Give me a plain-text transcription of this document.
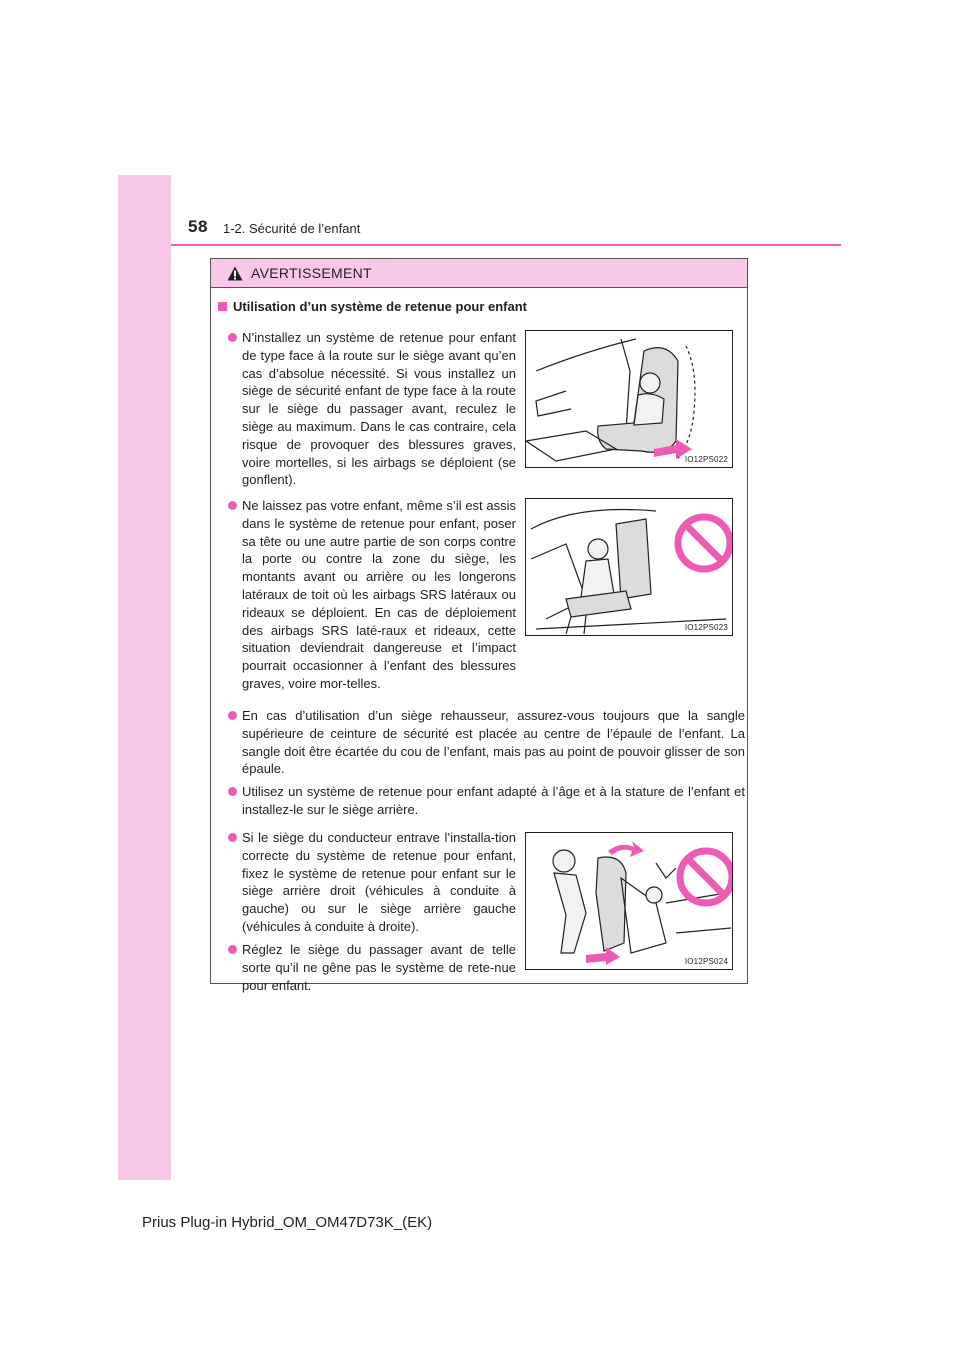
58 1-2. Sécurité de l’enfant
AVERTISSEMENT
Utilisation d’un système de retenue pour enfant
N’installez un système de retenue pour enfant de type face à la route sur le siège avant qu’en cas d’absolue nécessité. Si vous installez un siège de sécurité enfant de type face à la route sur le siège du passager avant, reculez le siège au maximum. Dans le cas contraire, cela risque de provoquer des blessures graves, voire mortelles, si les airbags se déploient (se gonflent).
Ne laissez pas votre enfant, même s’il est assis dans le système de retenue pour enfant, poser sa tête ou une autre partie de son corps contre la porte ou contre la zone du siège, les montants avant ou arrière ou les longerons latéraux de toit où les airbags SRS latéraux ou rideaux se déploient. En cas de déploiement des airbags SRS laté-raux et rideaux, cette situation deviendrait dangereuse et l’impact pourrait occasionner à l’enfant des blessures graves, voire mor-telles.
En cas d’utilisation d’un siège rehausseur, assurez-vous toujours que la sangle supérieure de ceinture de sécurité est placée au centre de l’épaule de l’enfant. La sangle doit être écartée du cou de l’enfant, mais pas au point de pouvoir glisser de son épaule.
Utilisez un système de retenue pour enfant adapté à l’âge et à la stature de l’enfant et installez-le sur le siège arrière.
Si le siège du conducteur entrave l’installa-tion correcte du système de retenue pour enfant, fixez le système de retenue pour enfant sur le siège arrière droit (véhicules à conduite à gauche) ou sur le siège arrière gauche (véhicules à conduite à droite).
Réglez le siège du passager avant de telle sorte qu’il ne gêne pas le système de rete-nue pour enfant.
IO12PS022
IO12PS023
IO12PS024
Prius Plug-in Hybrid_OM_OM47D73K_(EK)
